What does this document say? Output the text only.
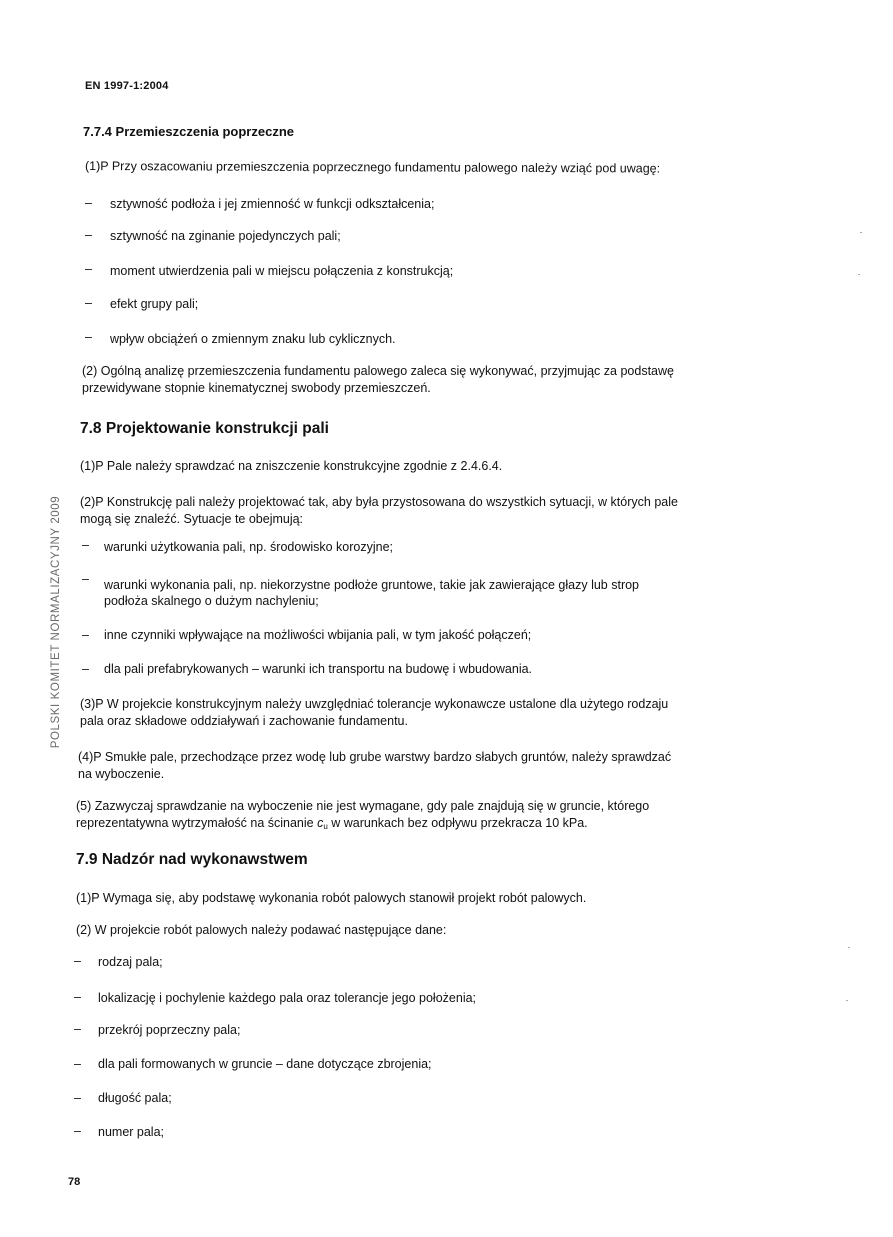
EN 1997-1:2004
7.7.4 Przemieszczenia poprzeczne
(1)P Przy oszacowaniu przemieszczenia poprzecznego fundamentu palowego należy wziąć pod uwagę:
– sztywność podłoża i jej zmienność w funkcji odkształcenia;
– sztywność na zginanie pojedynczych pali;
– moment utwierdzenia pali w miejscu połączenia z konstrukcją;
– efekt grupy pali;
– wpływ obciążeń o zmiennym znaku lub cyklicznych.
(2) Ogólną analizę przemieszczenia fundamentu palowego zaleca się wykonywać, przyjmując za podstawę
przewidywane stopnie kinematycznej swobody przemieszczeń.
7.8 Projektowanie konstrukcji pali
(1)P Pale należy sprawdzać na zniszczenie konstrukcyjne zgodnie z 2.4.6.4.
(2)P Konstrukcję pali należy projektować tak, aby była przystosowana do wszystkich sytuacji, w których pale
mogą się znaleźć. Sytuacje te obejmują:
– warunki użytkowania pali, np. środowisko korozyjne;
– warunki wykonania pali, np. niekorzystne podłoże gruntowe, takie jak zawierające głazy lub strop
podłoża skalnego o dużym nachyleniu;
– inne czynniki wpływające na możliwości wbijania pali, w tym jakość połączeń;
– dla pali prefabrykowanych – warunki ich transportu na budowę i wbudowania.
(3)P W projekcie konstrukcyjnym należy uwzględniać tolerancje wykonawcze ustalone dla użytego rodzaju
pala oraz składowe oddziaływań i zachowanie fundamentu.
(4)P Smukłe pale, przechodzące przez wodę lub grube warstwy bardzo słabych gruntów, należy sprawdzać
na wyboczenie.
(5) Zazwyczaj sprawdzanie na wyboczenie nie jest wymagane, gdy pale znajdują się w gruncie, którego
reprezentatywna wytrzymałość na ścinanie $c_u$ w warunkach bez odpływu przekracza 10 kPa.
7.9 Nadzór nad wykonawstwem
(1)P Wymaga się, aby podstawę wykonania robót palowych stanowił projekt robót palowych.
(2) W projekcie robót palowych należy podawać następujące dane:
– rodzaj pala;
– lokalizację i pochylenie każdego pala oraz tolerancje jego położenia;
– przekrój poprzeczny pala;
– dla pali formowanych w gruncie – dane dotyczące zbrojenia;
– długość pala;
– numer pala;
POLSKI KOMITET NORMALIZACYJNY 2009
78
